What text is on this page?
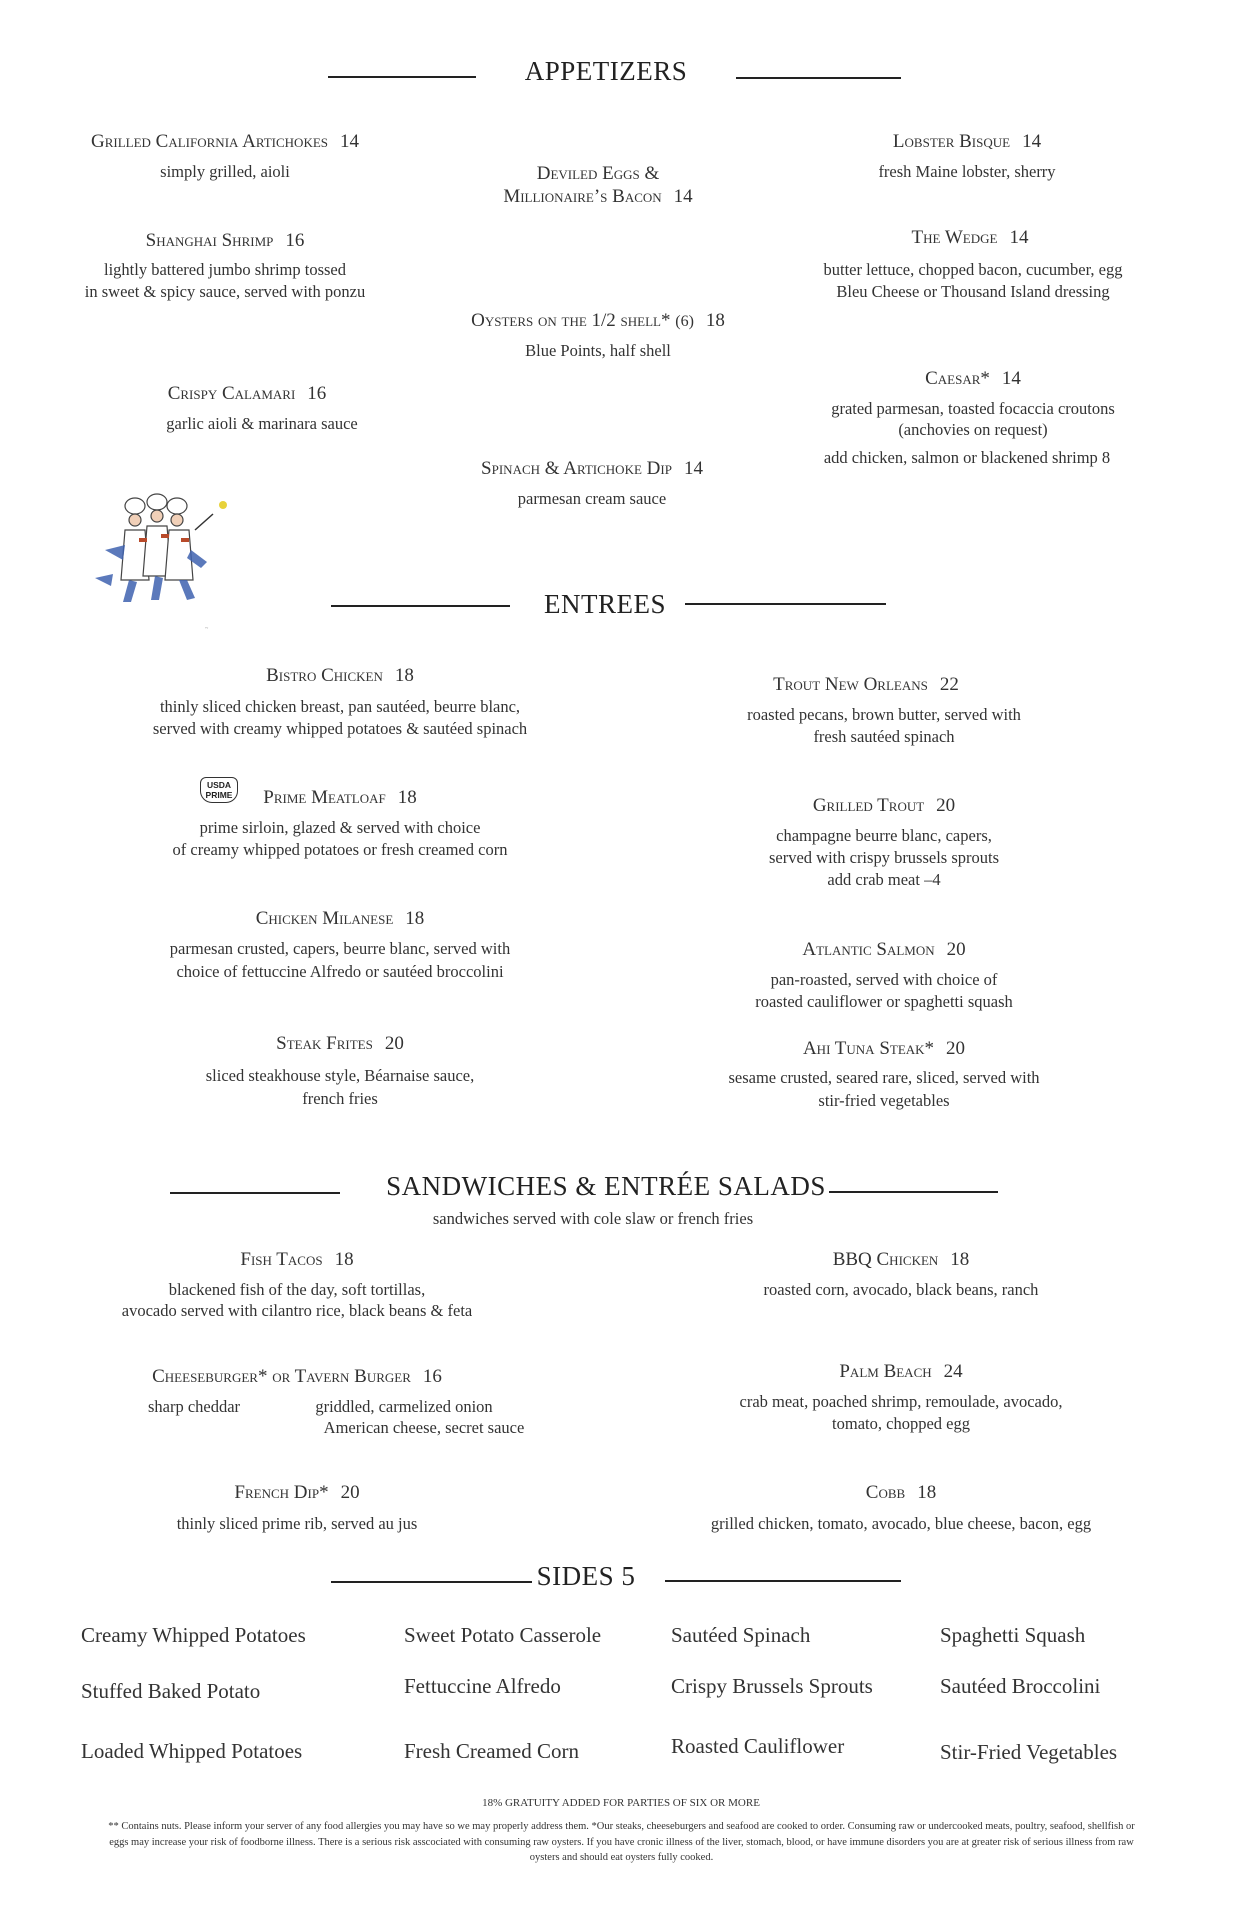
APPETIZERS
Grilled California Artichokes 14
simply grilled, aioli
Shanghai Shrimp 16
lightly battered jumbo shrimp tossed
in sweet & spicy sauce, served with ponzu
Crispy Calamari 16
garlic aioli & marinara sauce
Deviled Eggs &
Millionaire’s Bacon 14
Oysters on the 1/2 shell* (6) 18
Blue Points, half shell
Spinach & Artichoke Dip 14
parmesan cream sauce
Lobster Bisque 14
fresh Maine lobster, sherry
The Wedge 14
butter lettuce, chopped bacon, cucumber, egg
Bleu Cheese or Thousand Island dressing
Caesar* 14
grated parmesan, toasted focaccia croutons
(anchovies on request)
add chicken, salmon or blackened shrimp 8
~
ENTREES
Bistro Chicken 18
thinly sliced chicken breast, pan sautéed, beurre blanc,
served with creamy whipped potatoes & sautéed spinach
USDA
PRIME Prime Meatloaf 18
prime sirloin, glazed & served with choice
of creamy whipped potatoes or fresh creamed corn
Chicken Milanese 18
parmesan crusted, capers, beurre blanc, served with
choice of fettuccine Alfredo or sautéed broccolini
Steak Frites 20
sliced steakhouse style, Béarnaise sauce,
french fries
Trout New Orleans 22
roasted pecans, brown butter, served with
fresh sautéed spinach
Grilled Trout 20
champagne beurre blanc, capers,
served with crispy brussels sprouts
add crab meat –4
Atlantic Salmon 20
pan-roasted, served with choice of
roasted cauliflower or spaghetti squash
Ahi Tuna Steak* 20
sesame crusted, seared rare, sliced, served with
stir-fried vegetables
SANDWICHES & ENTRÉE SALADS
sandwiches served with cole slaw or french fries
Fish Tacos 18
blackened fish of the day, soft tortillas,
avocado served with cilantro rice, black beans & feta
Cheeseburger* or Tavern Burger 16
sharp cheddar	griddled, carmelized onion
American cheese, secret sauce
French Dip* 20
thinly sliced prime rib, served au jus
BBQ Chicken 18
roasted corn, avocado, black beans, ranch
Palm Beach 24
crab meat, poached shrimp, remoulade, avocado,
tomato, chopped egg
Cobb 18
grilled chicken, tomato, avocado, blue cheese, bacon, egg
SIDES 5
Creamy Whipped Potatoes
Stuffed Baked Potato
Loaded Whipped Potatoes
Sweet Potato Casserole
Fettuccine Alfredo
Fresh Creamed Corn
Sautéed Spinach
Crispy Brussels Sprouts
Roasted Cauliflower
Spaghetti Squash
Sautéed Broccolini
Stir-Fried Vegetables
18% GRATUITY ADDED FOR PARTIES OF SIX OR MORE
** Contains nuts. Please inform your server of any food allergies you may have so we may properly address them. *Our steaks, cheeseburgers and seafood are cooked to order. Consuming raw or undercooked meats, poultry, seafood, shellfish or eggs may increase your risk of foodborne illness. There is a serious risk asscociated with consuming raw oysters. If you have cronic illness of the liver, stomach, blood, or have immune disorders you are at greater risk of serious illness from raw oysters and should eat oysters fully cooked.
